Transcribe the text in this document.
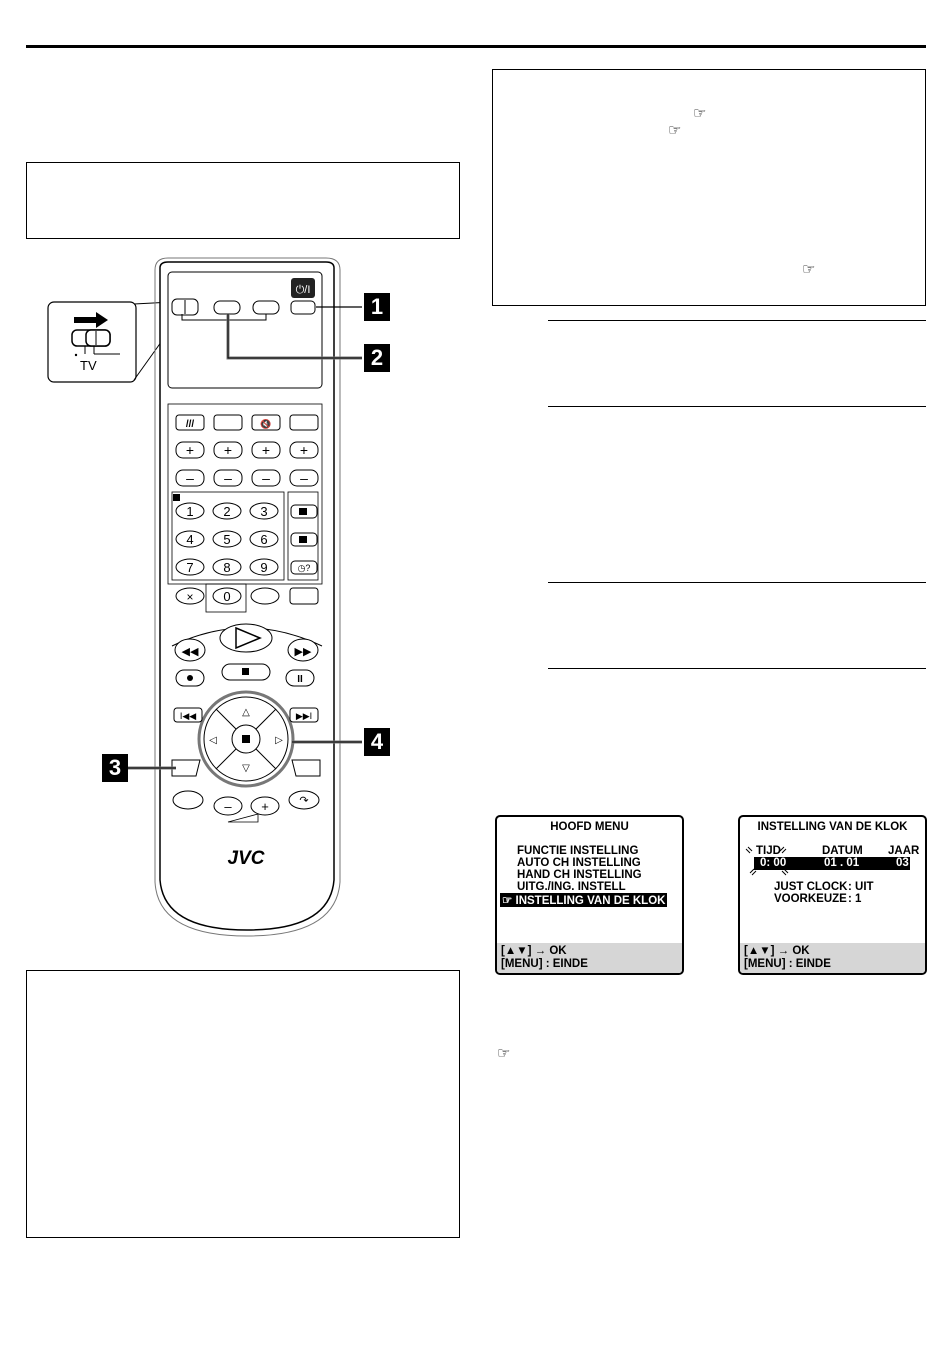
☞
☞
☞
☞
TV
⏻/I
///	🔇
+ + + +
– – – –
1 2 3
4 5 6
7 8 9	◷?
× 0
◀◀	▶▶
II
△
▽
◁	▷
I◀◀	▶▶I
– +	↷
JVC
1
2
3
4
HOOFD MENU
FUNCTIE INSTELLING
AUTO CH INSTELLING
HAND CH INSTELLING
UITG./ING. INSTELL
☞ INSTELLING VAN DE KLOK
[▲▼] → OK
[MENU] : EINDE
INSTELLING VAN DE KLOK
TIJD	DATUM JAAR
0: 00	01 . 01	03
JUST CLOCK : UIT
VOORKEUZE : 1
[▲▼] → OK
[MENU] : EINDE
